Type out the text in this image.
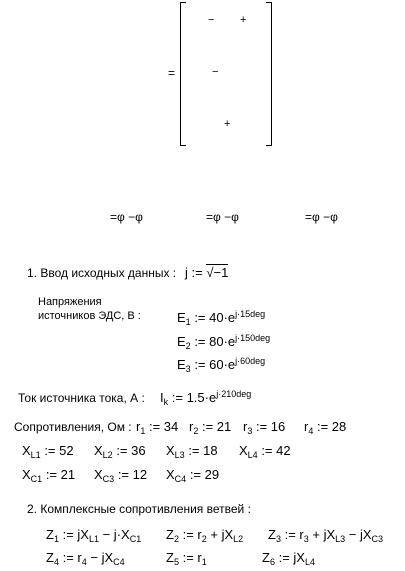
=
− +
−
+
=φ −φ	=φ −φ	=φ −φ
1. Ввод исходных данных : j := √−1
Напряжения
источников ЭДС, В :	$E_1$ := $40\cdot e^{j\cdot 15deg}$
$E_2$ := $80\cdot e^{j\cdot 150deg}$
$E_3$ := $60\cdot e^{j\cdot 60deg}$
Ток источника тока, А : $I_k$ := $1.5\cdot e^{j\cdot 210deg}$
Сопротивления, Ом : $r_1$ := 34 $r_2$ := 21 $r_3$ := 16 $r_4$ := 28
$X_{L1}$ := 52 $X_{L2}$ := 36 $X_{L3}$ := 18 $X_{L4}$ := 42
$X_{C1}$ := 21 $X_{C3}$ := 12 $X_{C4}$ := 29
2. Комплексные сопротивления ветвей :
$Z_1$ := $jX_{L1} - j\cdot X_{C1}$ $Z_2$ := $r_2 + jX_{L2}$ $Z_3$ := $r_3 + jX_{L3} - jX_{C3}$
$Z_4$ := $r_4 - jX_{C4}$	$Z_5$ := $r_1$	$Z_6$ := $jX_{L4}$
